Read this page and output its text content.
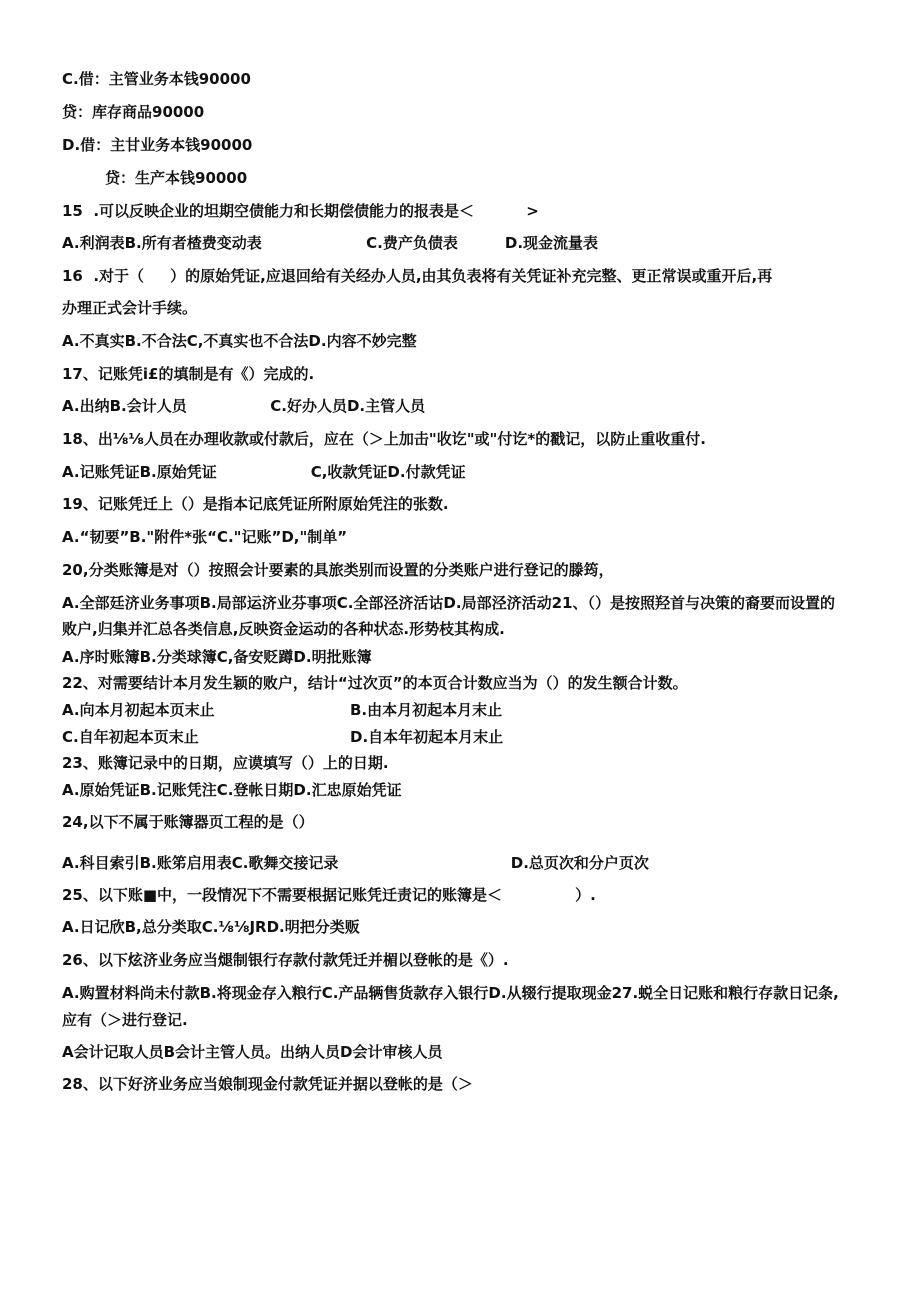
C.借：主管业务本钱90000
贷：库存商品90000
D.借：主甘业务本钱90000
贷：生产本钱90000
15  .可以反映企业的坦期空债能力和长期偿债能力的报表是＜          >
A.利润表B.所有者楂费变动表                    C.费产负债表         D.现金流量表
16  .对于（     ）的原始凭证,应退回给有关经办人员,由其负表将有关凭证补充完整、更正常误或重开后,再
办理正式会计手续。
A.不真实B.不合法C,不真实也不合法D.内容不妙完整
17、记账凭i£的填制是有《）完成的.
A.出纳B.会计人员                C.好办人员D.主管人员
18、出⅛⅛人员在办理收款或付款后，应在（＞上加击"收讫"或"付讫*的戳记，以防止重收重付.
A.记账凭证B.原始凭证                  C,收款凭证D.付款凭证
19、记账凭迁上（）是指本记底凭证所附原始凭注的张数.
A.“韧要”B."附件*张“C."记账”D,"制单”
20,分类账簿是对（）按照会计要素的具旅类别而设置的分类账户进行登记的滕筠，
A.全部廷济业务事项B.局部运济业芬事项C.全部泾济活诂D.局部泾济活动21、（）是按照羟首与决策的裔要而设置的
败户,归集并汇总各类信息,反映资金运动的各种状态.形势枝其构成.
A.序时账簿B.分类球簿C,备安贬蹲D.明批账簿
22、对需要结计本月发生颖的败户，结计“过次页”的本页合计数应当为（）的发生额合计数。
A.向本月初起本页末止	B.由本月初起本月末止
C.自年初起本页末止	D.自本年初起本月末止
23、账簿记录中的日期，应谟填写（）上的日期.
A.原始凭证B.记账凭注C.登帐日期D.汇忠原始凭证
24,以下不属于账簿器页工程的是（）
A.科目索引B.账笫启用表C.歌舞交接记录                                 D.总页次和分户页次
25、以下账■中，一段情况下不需要根据记账凭迁责记的账簿是＜              ）.
A.日记欣B,总分类取C.⅛⅛JRD.明把分类贩
26、以下炫济业务应当煺制银行存款付款凭迁并楣以登帐的是《）.
A.购置材料尚未付款B.将现金存入粮行C.产品辆售货款存入银行D.从辍行提取现金27.蜕全日记账和粮行存款日记条,
应有（＞进行登记.
A会计记取人员B会计主管人员。出纳人员D会计审核人员
28、以下好济业务应当娘制现金付款凭证并据以登帐的是（＞
